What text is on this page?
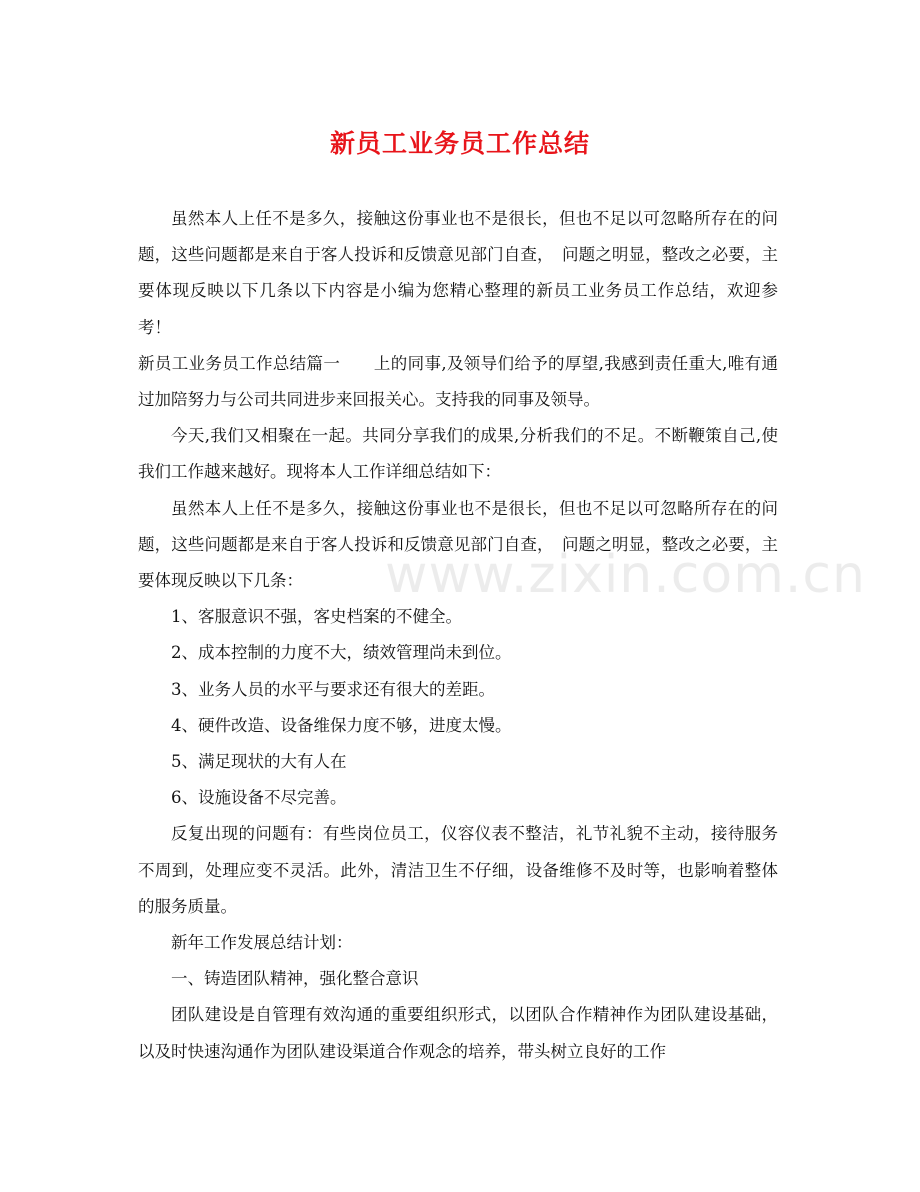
新员工业务员工作总结

虽然本人上任不是多久，接触这份事业也不是很长，但也不足以可忽略所存在的问题，这些问题都是来自于客人投诉和反馈意见部门自查，　问题之明显，整改之必要，主要体现反映以下几条以下内容是小编为您精心整理的新员工业务员工作总结，欢迎参考！

新员工业务员工作总结篇一　　上的同事,及领导们给予的厚望,我感到责任重大,唯有通过加陪努力与公司共同进步来回报关心。支持我的同事及领导。

今天,我们又相聚在一起。共同分享我们的成果,分析我们的不足。不断鞭策自己,使我们工作越来越好。现将本人工作详细总结如下：

虽然本人上任不是多久，接触这份事业也不是很长，但也不足以可忽略所存在的问题，这些问题都是来自于客人投诉和反馈意见部门自查，　问题之明显，整改之必要，主要体现反映以下几条：

1、客服意识不强，客史档案的不健全。

2、成本控制的力度不大，绩效管理尚未到位。

3、业务人员的水平与要求还有很大的差距。

4、硬件改造、设备维保力度不够，进度太慢。

5、满足现状的大有人在

6、设施设备不尽完善。

反复出现的问题有：有些岗位员工，仪容仪表不整洁，礼节礼貌不主动，接待服务不周到，处理应变不灵活。此外，清洁卫生不仔细，设备维修不及时等，也影响着整体的服务质量。

新年工作发展总结计划：

一、铸造团队精神，强化整合意识

团队建设是自管理有效沟通的重要组织形式，以团队合作精神作为团队建设基础，以及时快速沟通作为团队建设渠道合作观念的培养，带头树立良好的工作

www.zixin.com.cn
